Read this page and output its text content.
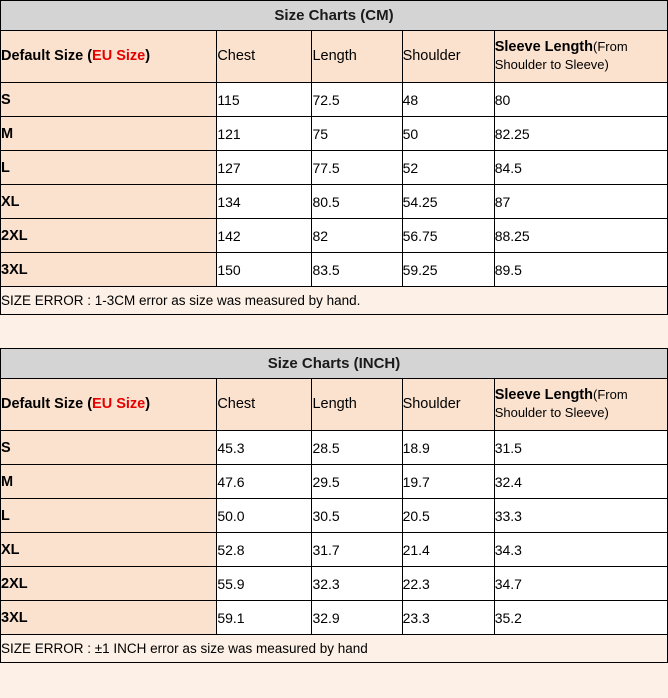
Size Charts (CM)				
Default Size (EU Size)	Chest	Length	Shoulder	Sleeve Length(From Shoulder to Sleeve)
S	115	72.5	48	80
M	121	75	50	82.25
L	127	77.5	52	84.5
XL	134	80.5	54.25	87
2XL	142	82	56.75	88.25
3XL	150	83.5	59.25	89.5
SIZE ERROR : 1-3CM error as size was measured by hand.				
Size Charts (INCH)				
Default Size (EU Size)	Chest	Length	Shoulder	Sleeve Length(From Shoulder to Sleeve)
S	45.3	28.5	18.9	31.5
M	47.6	29.5	19.7	32.4
L	50.0	30.5	20.5	33.3
XL	52.8	31.7	21.4	34.3
2XL	55.9	32.3	22.3	34.7
3XL	59.1	32.9	23.3	35.2
SIZE ERROR : ±1 INCH error as size was measured by hand				
